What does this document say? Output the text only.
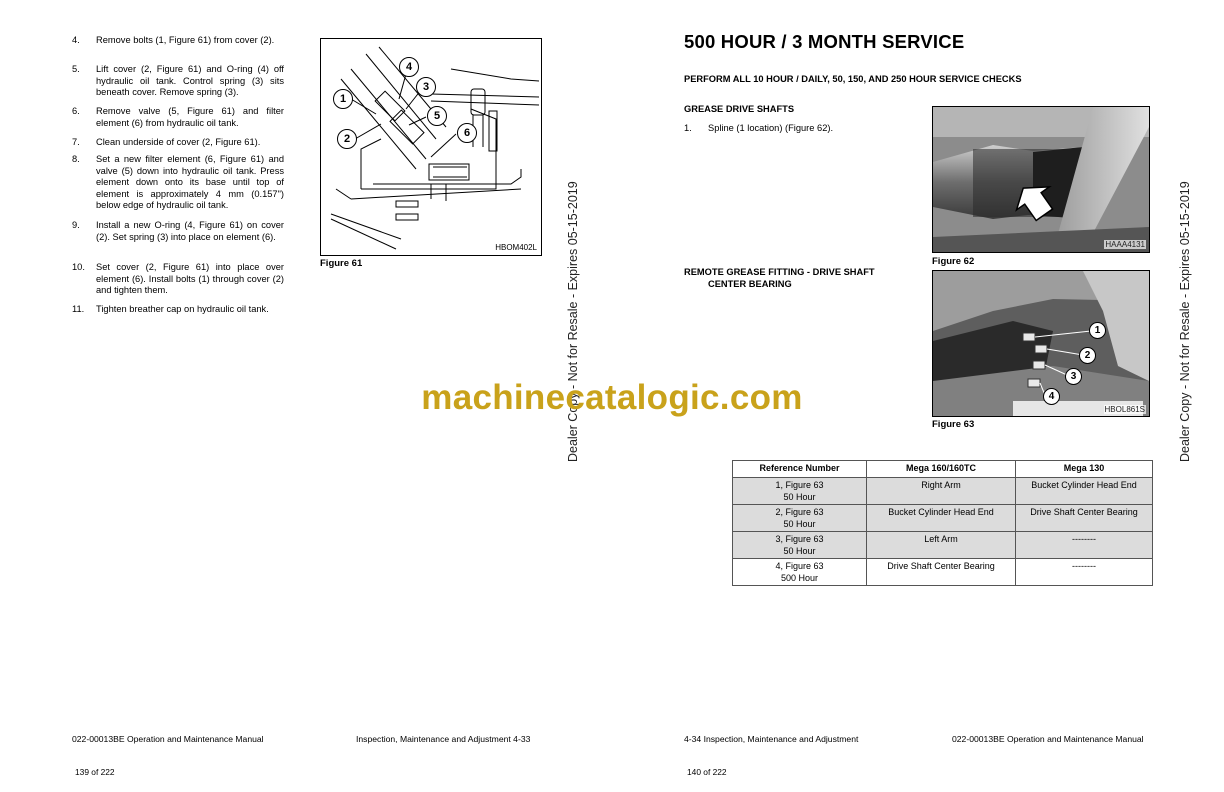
4. Remove bolts (1, Figure 61) from cover (2).
5. Lift cover (2, Figure 61) and O-ring (4) off hydraulic oil tank. Control spring (3) sits beneath cover. Remove spring (3).
6. Remove valve (5, Figure 61) and filter element (6) from hydraulic oil tank.
7. Clean underside of cover (2, Figure 61).
8. Set a new filter element (6, Figure 61) and valve (5) down into hydraulic oil tank. Press element down onto its base until top of element is approximately 4 mm (0.157") below edge of hydraulic oil tank.
9. Install a new O-ring (4, Figure 61) on cover (2). Set spring (3) into place on element (6).
10. Set cover (2, Figure 61) into place over element (6). Install bolts (1) through cover (2) and tighten them.
11. Tighten breather cap on hydraulic oil tank.
1
2
3
4
5
6
HBOM402L
Figure 61
022-00013BE Operation and Maintenance Manual	Inspection, Maintenance and Adjustment 4-33
139 of 222
Dealer Copy - Not for Resale - Expires 05-15-2019	Dealer Copy - Not for Resale - Expires 05-15-2019
500 HOUR / 3 MONTH SERVICE
PERFORM ALL 10 HOUR / DAILY, 50, 150, AND 250 HOUR SERVICE CHECKS
GREASE DRIVE SHAFTS
1. Spline (1 location) (Figure 62).
REMOTE GREASE FITTING - DRIVE SHAFT
CENTER BEARING
HAAA4131
Figure 62
1
2
3
4
HBOL861S
Figure 63
Reference Number	Mega 160/160TC	Mega 130
1, Figure 63
50 Hour	Right Arm	Bucket Cylinder Head End
2, Figure 63
50 Hour	Bucket Cylinder Head End	Drive Shaft Center Bearing
3, Figure 63
50 Hour	Left Arm	--------
4, Figure 63
500 Hour	Drive Shaft Center Bearing	--------
4-34 Inspection, Maintenance and Adjustment	022-00013BE Operation and Maintenance Manual
140 of 222
machinecatalogic.com
